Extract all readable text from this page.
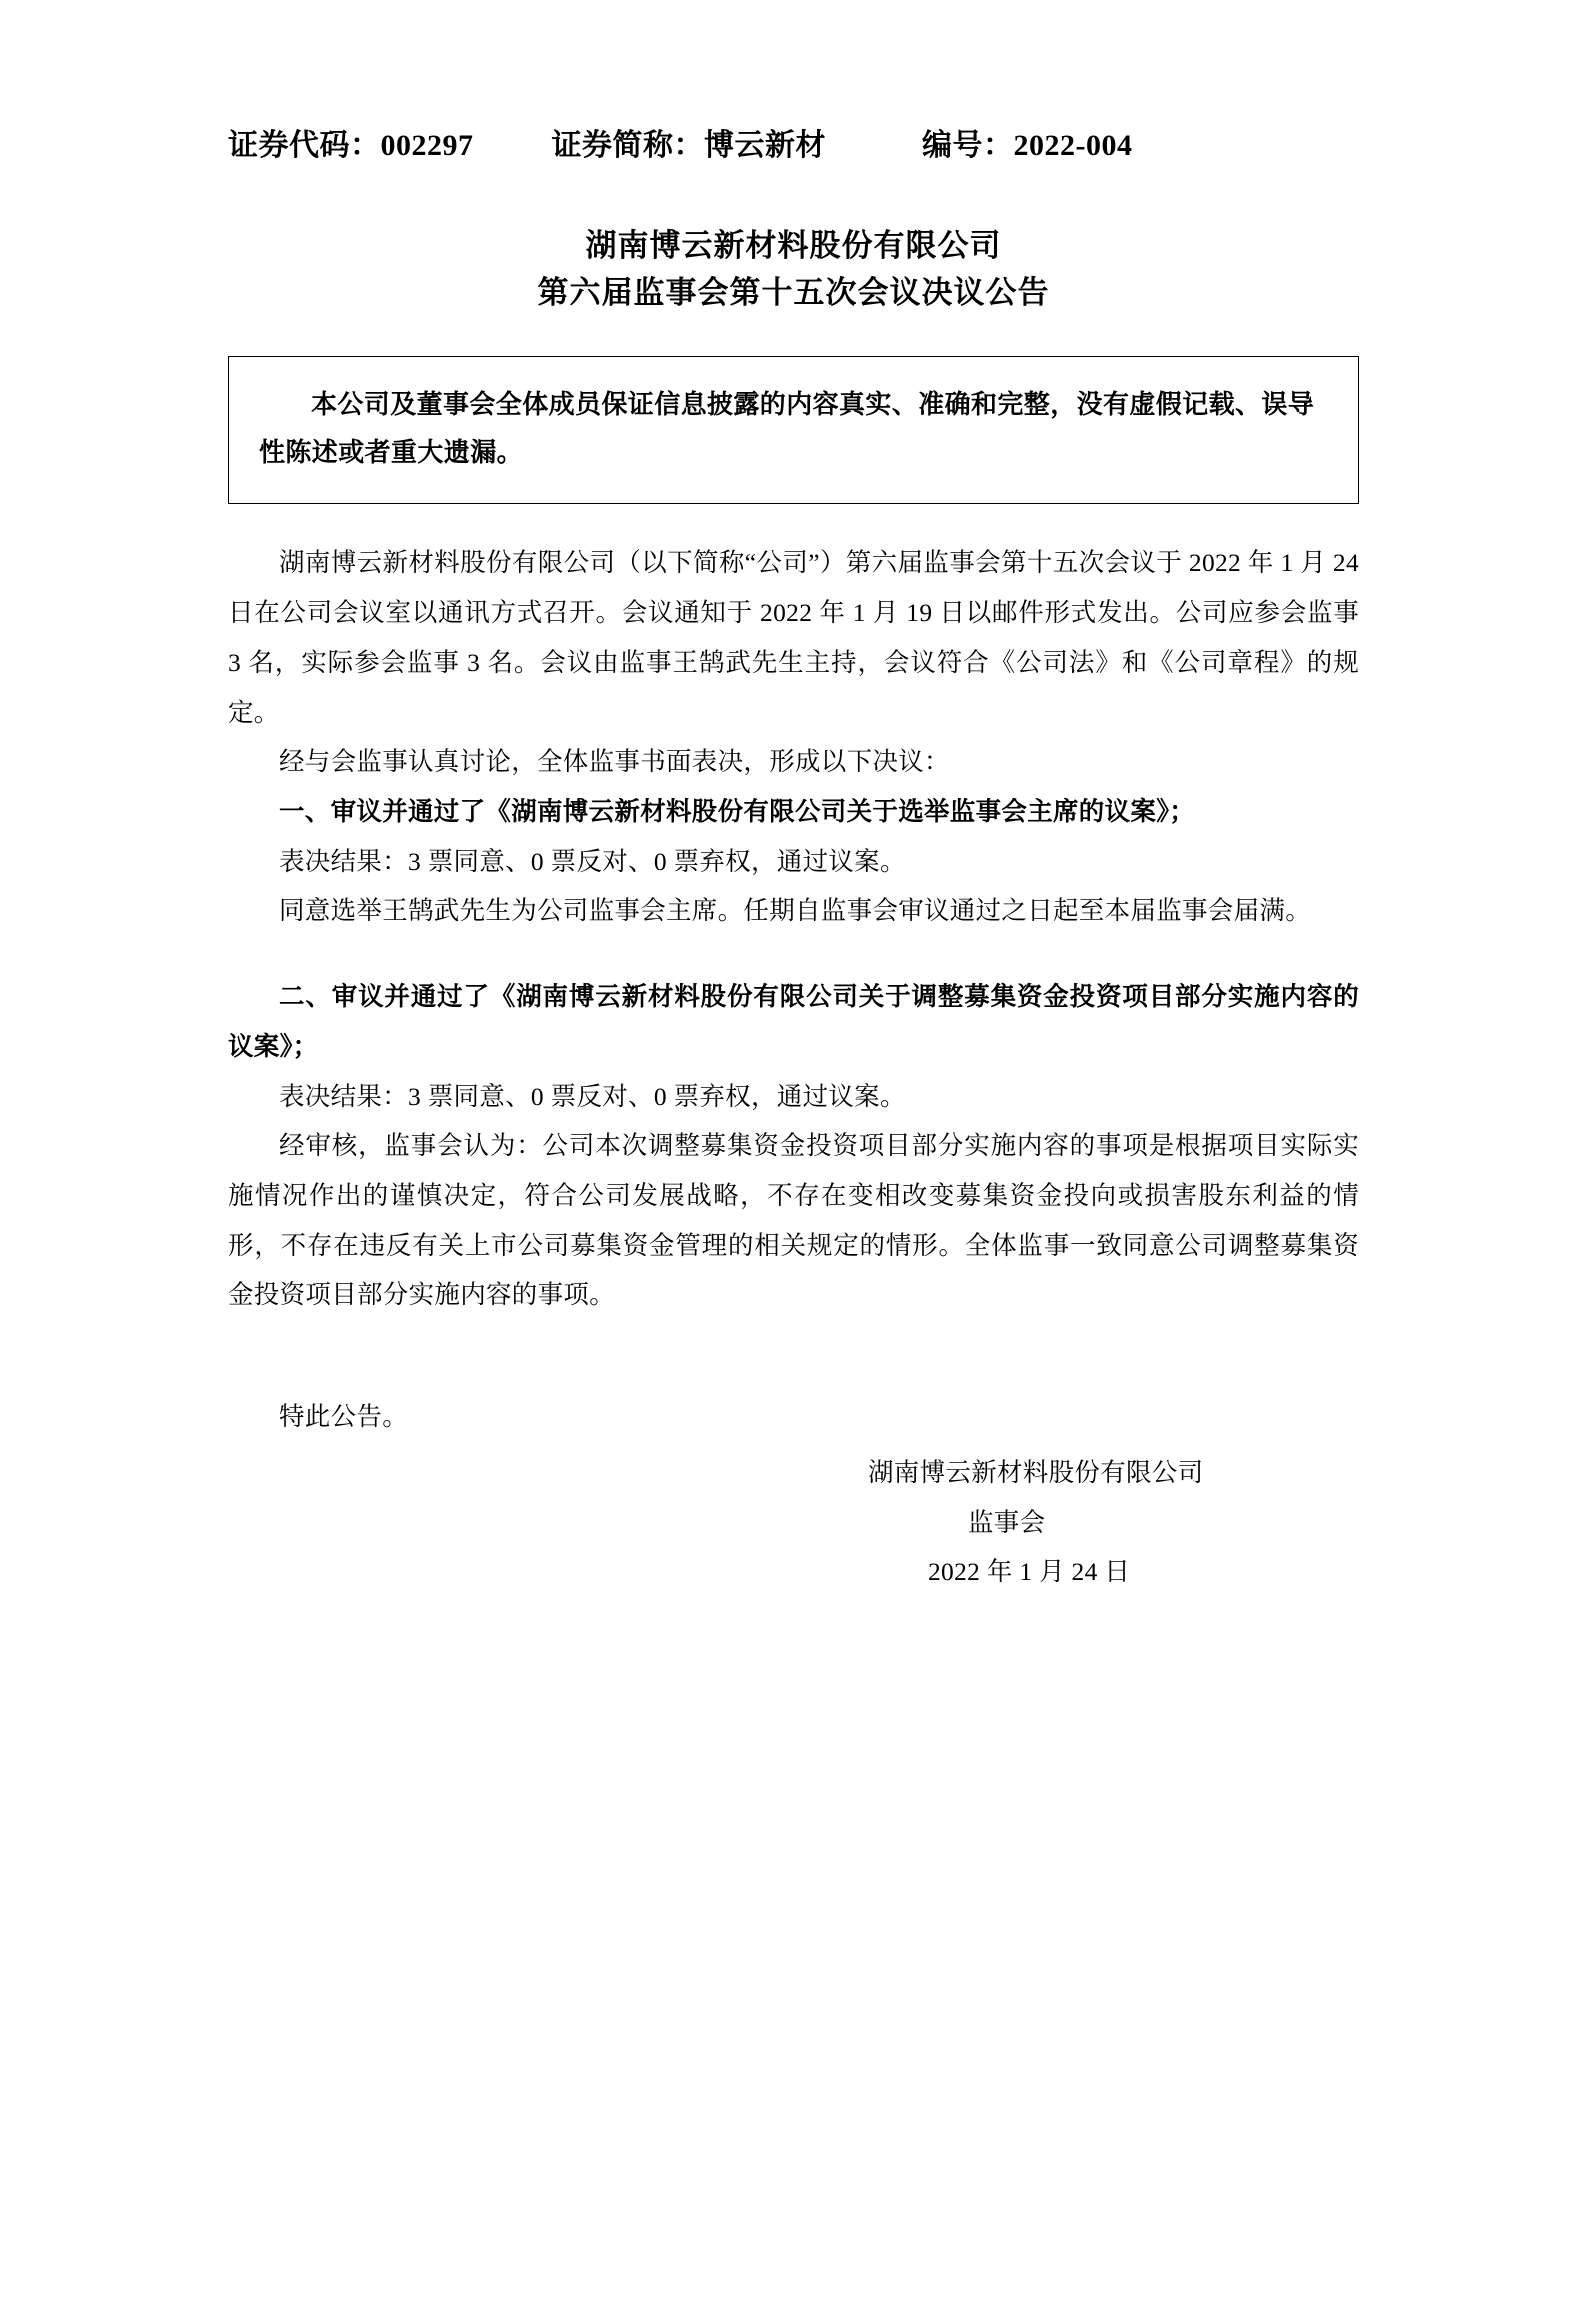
证券代码：002297	证券简称：博云新材	编号：2022-004
湖南博云新材料股份有限公司
第六届监事会第十五次会议决议公告

本公司及董事会全体成员保证信息披露的内容真实、准确和完整，没有虚假记载、误导性陈述或者重大遗漏。

湖南博云新材料股份有限公司（以下简称“公司”）第六届监事会第十五次会议于 2022 年 1 月 24 日在公司会议室以通讯方式召开。会议通知于 2022 年 1 月 19 日以邮件形式发出。公司应参会监事 3 名，实际参会监事 3 名。会议由监事王鹄武先生主持，会议符合《公司法》和《公司章程》的规定。

经与会监事认真讨论，全体监事书面表决，形成以下决议：

一、审议并通过了《湖南博云新材料股份有限公司关于选举监事会主席的议案》；

表决结果：3 票同意、0 票反对、0 票弃权，通过议案。

同意选举王鹄武先生为公司监事会主席。任期自监事会审议通过之日起至本届监事会届满。

二、审议并通过了《湖南博云新材料股份有限公司关于调整募集资金投资项目部分实施内容的议案》；

表决结果：3 票同意、0 票反对、0 票弃权，通过议案。

经审核，监事会认为：公司本次调整募集资金投资项目部分实施内容的事项是根据项目实际实施情况作出的谨慎决定，符合公司发展战略，不存在变相改变募集资金投向或损害股东利益的情形，不存在违反有关上市公司募集资金管理的相关规定的情形。全体监事一致同意公司调整募集资金投资项目部分实施内容的事项。

特此公告。

湖南博云新材料股份有限公司

监事会

2022 年 1 月 24 日
